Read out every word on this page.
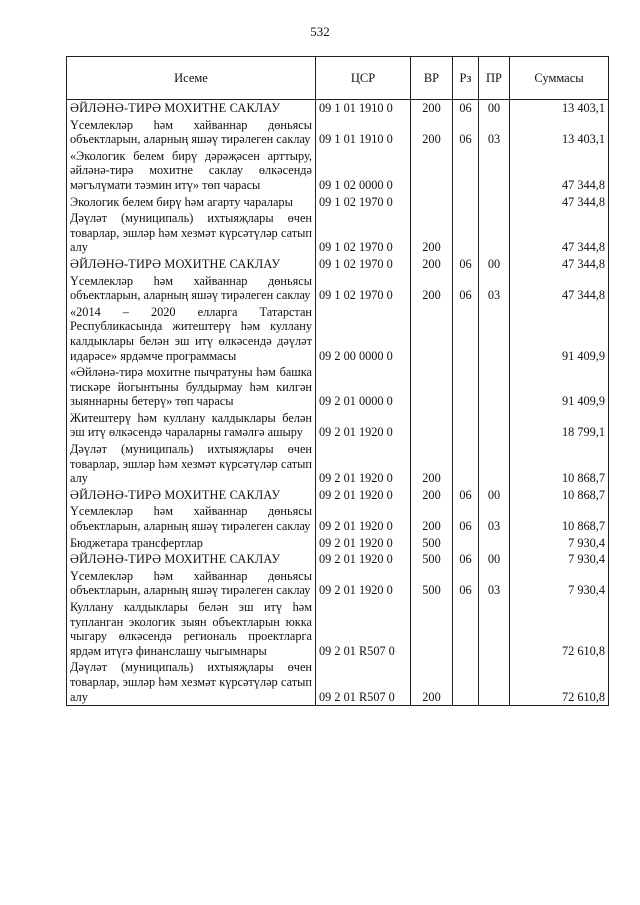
532
Исеме	ЦСР	ВР	Рз	ПР	Суммасы
ӘЙЛӘНӘ-ТИРӘ МОХИТНЕ САКЛАУ	09 1 01 1910 0	200	06	00	13 403,1
Үсемлекләр һәм хайваннар дөньясы объектларын, аларның яшәү тирәлеген саклау	09 1 01 1910 0	200	06	03	13 403,1
«Экологик белем бирү дәрәҗәсен арттыру, әйләнә-тирә мохитне саклау өлкәсендә мәгълүмати тәэмин итү» төп чарасы	09 1 02 0000 0				47 344,8
Экологик белем бирү һәм агарту чаралары	09 1 02 1970 0				47 344,8
Дәүләт (муниципаль) ихтыяҗлары өчен товарлар, эшләр һәм хезмәт күрсәтүләр сатып алу	09 1 02 1970 0	200			47 344,8
ӘЙЛӘНӘ-ТИРӘ МОХИТНЕ САКЛАУ	09 1 02 1970 0	200	06	00	47 344,8
Үсемлекләр һәм хайваннар дөньясы объектларын, аларның яшәү тирәлеген саклау	09 1 02 1970 0	200	06	03	47 344,8
«2014 – 2020 елларга Татарстан Республикасында житештерү һәм куллану калдыклары белән эш итү өлкәсендә дәүләт идарәсе» ярдәмче программасы	09 2 00 0000 0				91 409,9
«Әйләнә-тирә мохитне пычратуны һәм башка тискәре йогынтыны булдырмау һәм килгән зыяннарны бетерү» төп чарасы	09 2 01 0000 0				91 409,9
Житештерү һәм куллану калдыклары белән эш итү өлкәсендә чараларны гамәлгә ашыру	09 2 01 1920 0				18 799,1
Дәүләт (муниципаль) ихтыяҗлары өчен товарлар, эшләр һәм хезмәт күрсәтүләр сатып алу	09 2 01 1920 0	200			10 868,7
ӘЙЛӘНӘ-ТИРӘ МОХИТНЕ САКЛАУ	09 2 01 1920 0	200	06	00	10 868,7
Үсемлекләр һәм хайваннар дөньясы объектларын, аларның яшәү тирәлеген саклау	09 2 01 1920 0	200	06	03	10 868,7
Бюджетара трансфертлар	09 2 01 1920 0	500			7 930,4
ӘЙЛӘНӘ-ТИРӘ МОХИТНЕ САКЛАУ	09 2 01 1920 0	500	06	00	7 930,4
Үсемлекләр һәм хайваннар дөньясы объектларын, аларның яшәү тирәлеген саклау	09 2 01 1920 0	500	06	03	7 930,4
Куллану калдыклары белән эш итү һәм тупланган экологик зыян объектларын юкка чыгару өлкәсендә региональ проектларга ярдәм итүгә финанслашу чыгымнары	09 2 01 R507 0				72 610,8
Дәүләт (муниципаль) ихтыяҗлары өчен товарлар, эшләр һәм хезмәт күрсәтүләр сатып алу	09 2 01 R507 0	200			72 610,8
